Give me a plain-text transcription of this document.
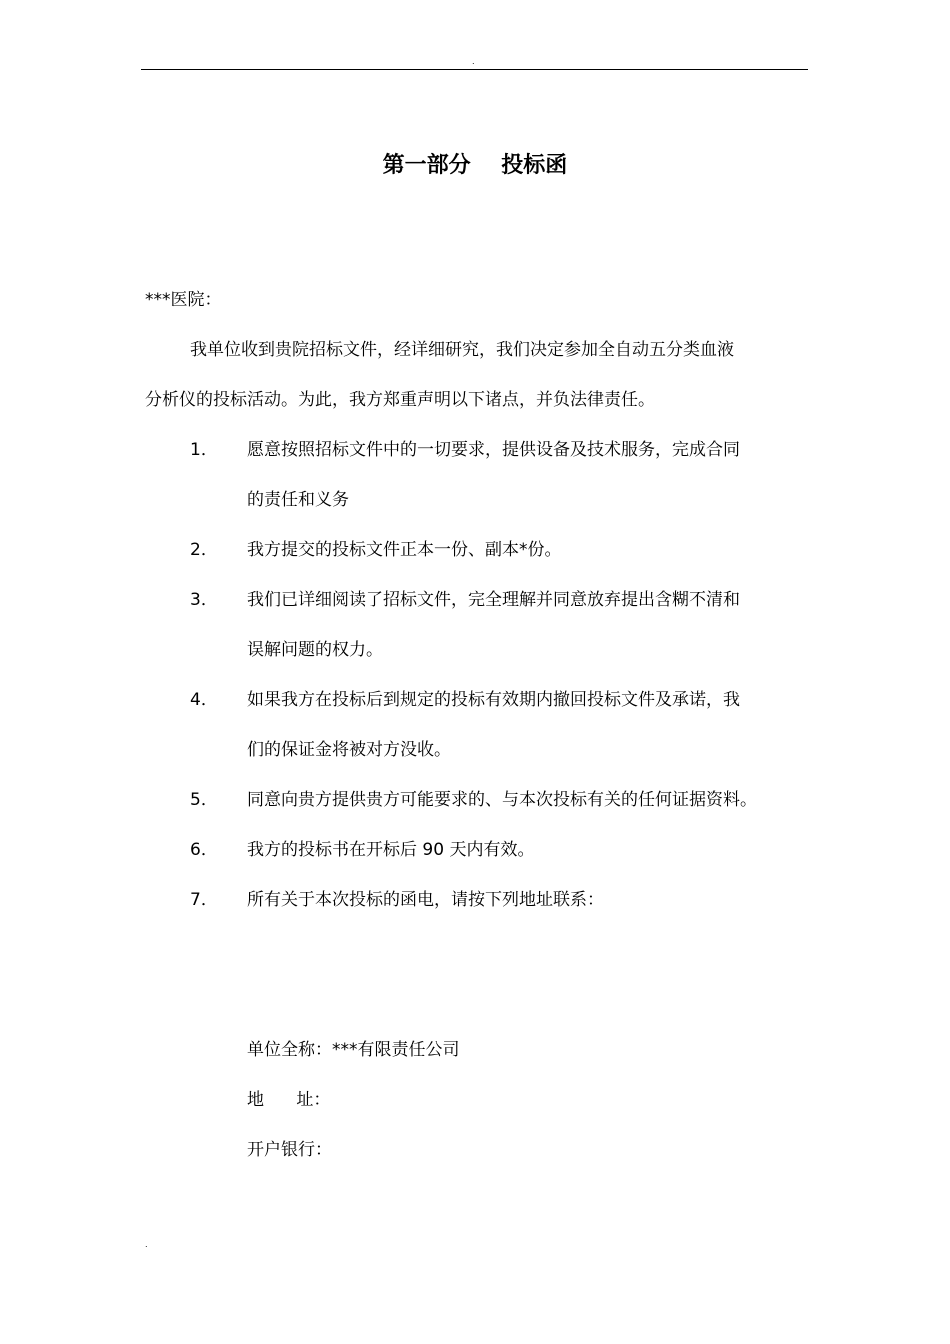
.
第一部分    投标函
***医院：
我单位收到贵院招标文件，经详细研究，我们决定参加全自动五分类血液
分析仪的投标活动。为此，我方郑重声明以下诸点，并负法律责任。
1． 愿意按照招标文件中的一切要求，提供设备及技术服务，完成合同
的责任和义务
2． 我方提交的投标文件正本一份、副本*份。
3． 我们已详细阅读了招标文件，完全理解并同意放弃提出含糊不清和
误解问题的权力。
4． 如果我方在投标后到规定的投标有效期内撤回投标文件及承诺，我
们的保证金将被对方没收。
5． 同意向贵方提供贵方可能要求的、与本次投标有关的任何证据资料。
6． 我方的投标书在开标后 90 天内有效。
7． 所有关于本次投标的函电，请按下列地址联系：
单位全称：***有限责任公司
地      址：
开户银行：
.
